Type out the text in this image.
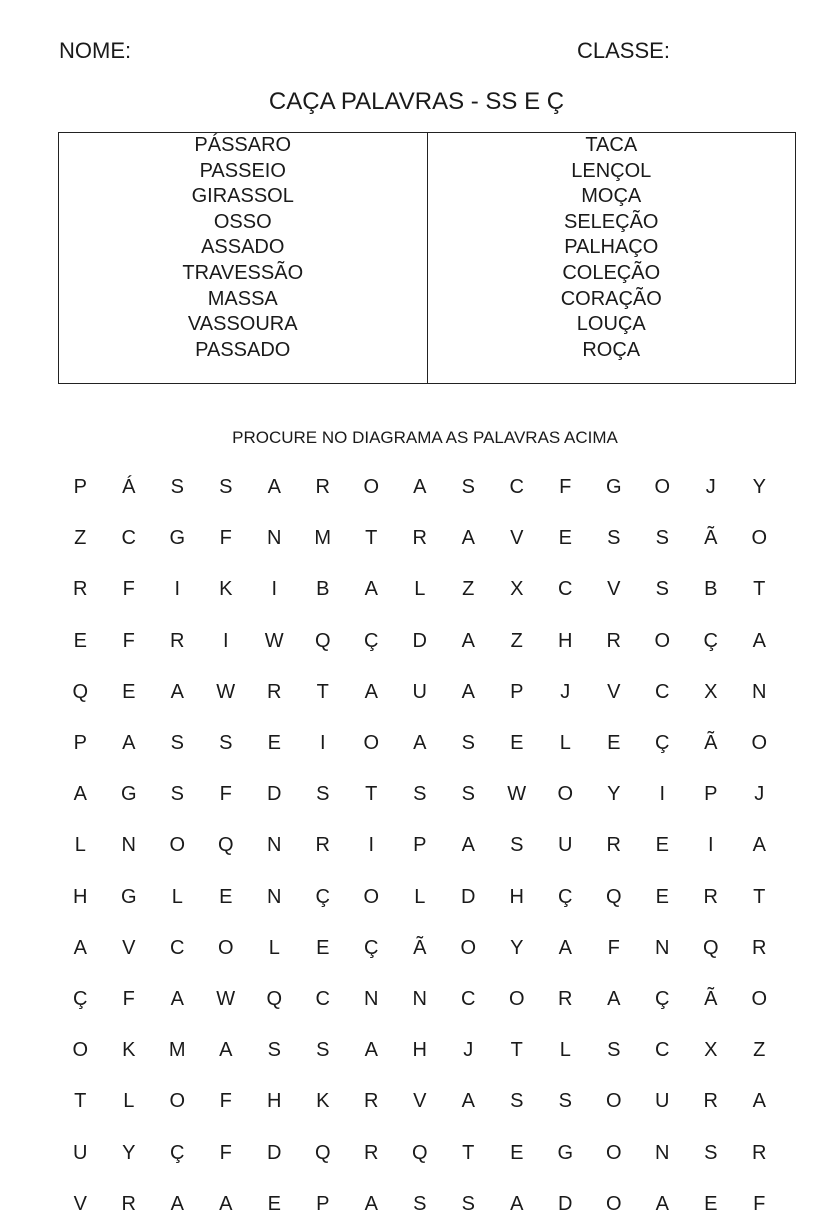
NOME:	CLASSE:
CAÇA PALAVRAS - SS E Ç
PÁSSARO
PASSEIO
GIRASSOL
OSSO
ASSADO
TRAVESSÃO
MASSA
VASSOURA
PASSADO
TACA
LENÇOL
MOÇA
SELEÇÃO
PALHAÇO
COLEÇÃO
CORAÇÃO
LOUÇA
ROÇA
PROCURE NO DIAGRAMA AS PALAVRAS ACIMA
P	Á	S	S	A	R	O	A	S	C	F	G	O	J	Y
Z	C	G	F	N	M	T	R	A	V	E	S	S	Ã	O
R	F	I	K	I	B	A	L	Z	X	C	V	S	B	T
E	F	R	I	W	Q	Ç	D	A	Z	H	R	O	Ç	A
Q	E	A	W	R	T	A	U	A	P	J	V	C	X	N
P	A	S	S	E	I	O	A	S	E	L	E	Ç	Ã	O
A	G	S	F	D	S	T	S	S	W	O	Y	I	P	J
L	N	O	Q	N	R	I	P	A	S	U	R	E	I	A
H	G	L	E	N	Ç	O	L	D	H	Ç	Q	E	R	T
A	V	C	O	L	E	Ç	Ã	O	Y	A	F	N	Q	R
Ç	F	A	W	Q	C	N	N	C	O	R	A	Ç	Ã	O
O	K	M	A	S	S	A	H	J	T	L	S	C	X	Z
T	L	O	F	H	K	R	V	A	S	S	O	U	R	A
U	Y	Ç	F	D	Q	R	Q	T	E	G	O	N	S	R
V	R	A	A	E	P	A	S	S	A	D	O	A	E	F
